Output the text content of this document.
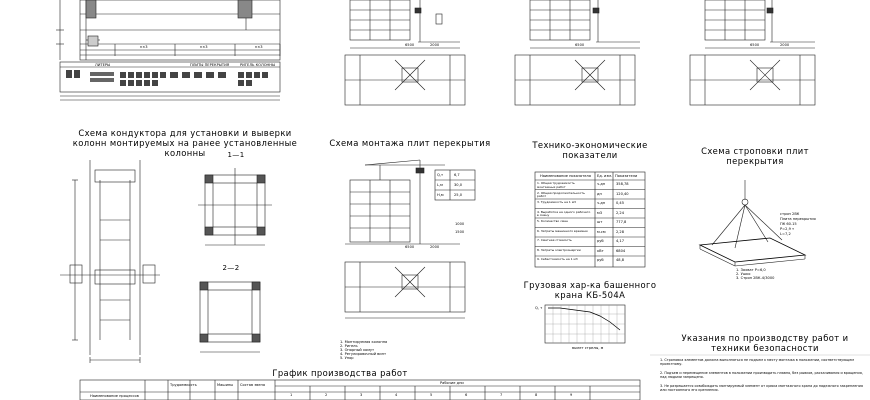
Схема кондуктора для установки и выверки колонн монтируемых на ранее установленные колонны
Схема монтажа плит перекрытия	Технико-экономические показатели	Схема строповки плит перекрытия
Грузовая хар-ка башенного крана КБ-504А
Указания по производству работ и техники безопасности
График производства работ
1—1
2—2
Q,т	6,7
L,м	30,0
H,м	25,0
Наименование показателя Ед. изм. Показатели
1. Общая трудоемкость монтажных работ
ч.дн	358,78
2. Общая продолжительность работ
дн	120,40
3. Трудоемкость на 1 м3	ч.дн	0,45
4. Выработка на одного рабочего в смену
м3	2,24
5. Количество смен	шт	777,8
6. Затраты машинного времени	м.см	2,28
7. Сметная стоимость	руб	4,17
8. Затраты электроэнергии	кВт	6804
9. Себестоимость на 1 м3	руб	48,8
1. Монтируемая колонна
2. Ригель
3. Опорный хомут
4. Регулировочный винт
5. Упор
1. Захват Р=6,0
2. Ушко
3. Строп 2ВК-4/3000
строп 2ВК
Плита перекрытия
ПК 60.15
Р=2,9 т
L=7,2
вылет стрелы, м
Q, т
ЛИТЕРЫ	ПЛИТЫ ПЕРЕКРЫТИЯ	РИГЕЛЬ КОЛОННЫ
n×3	n×3	n×3
6500	2000
1500
1000
6500	2000	6500	6500	2000
1. Строповка элементов должна выполняться не подъем к месту монтажа в положении, соответствующем проектному.
2. Подъем и перемещение элементов в положении производить плавно, без рывков, раскачивания и вращения, над людьми запрещено.
3. Не разрешается освобождать монтируемый элемент от крюка монтажного крана до надежного закрепления или постоянного его крепления.
Наименование процессов
Трудоемкость	Машины Состав звена	Рабочие дни
1	2	3	4	5	6	7	8	9
